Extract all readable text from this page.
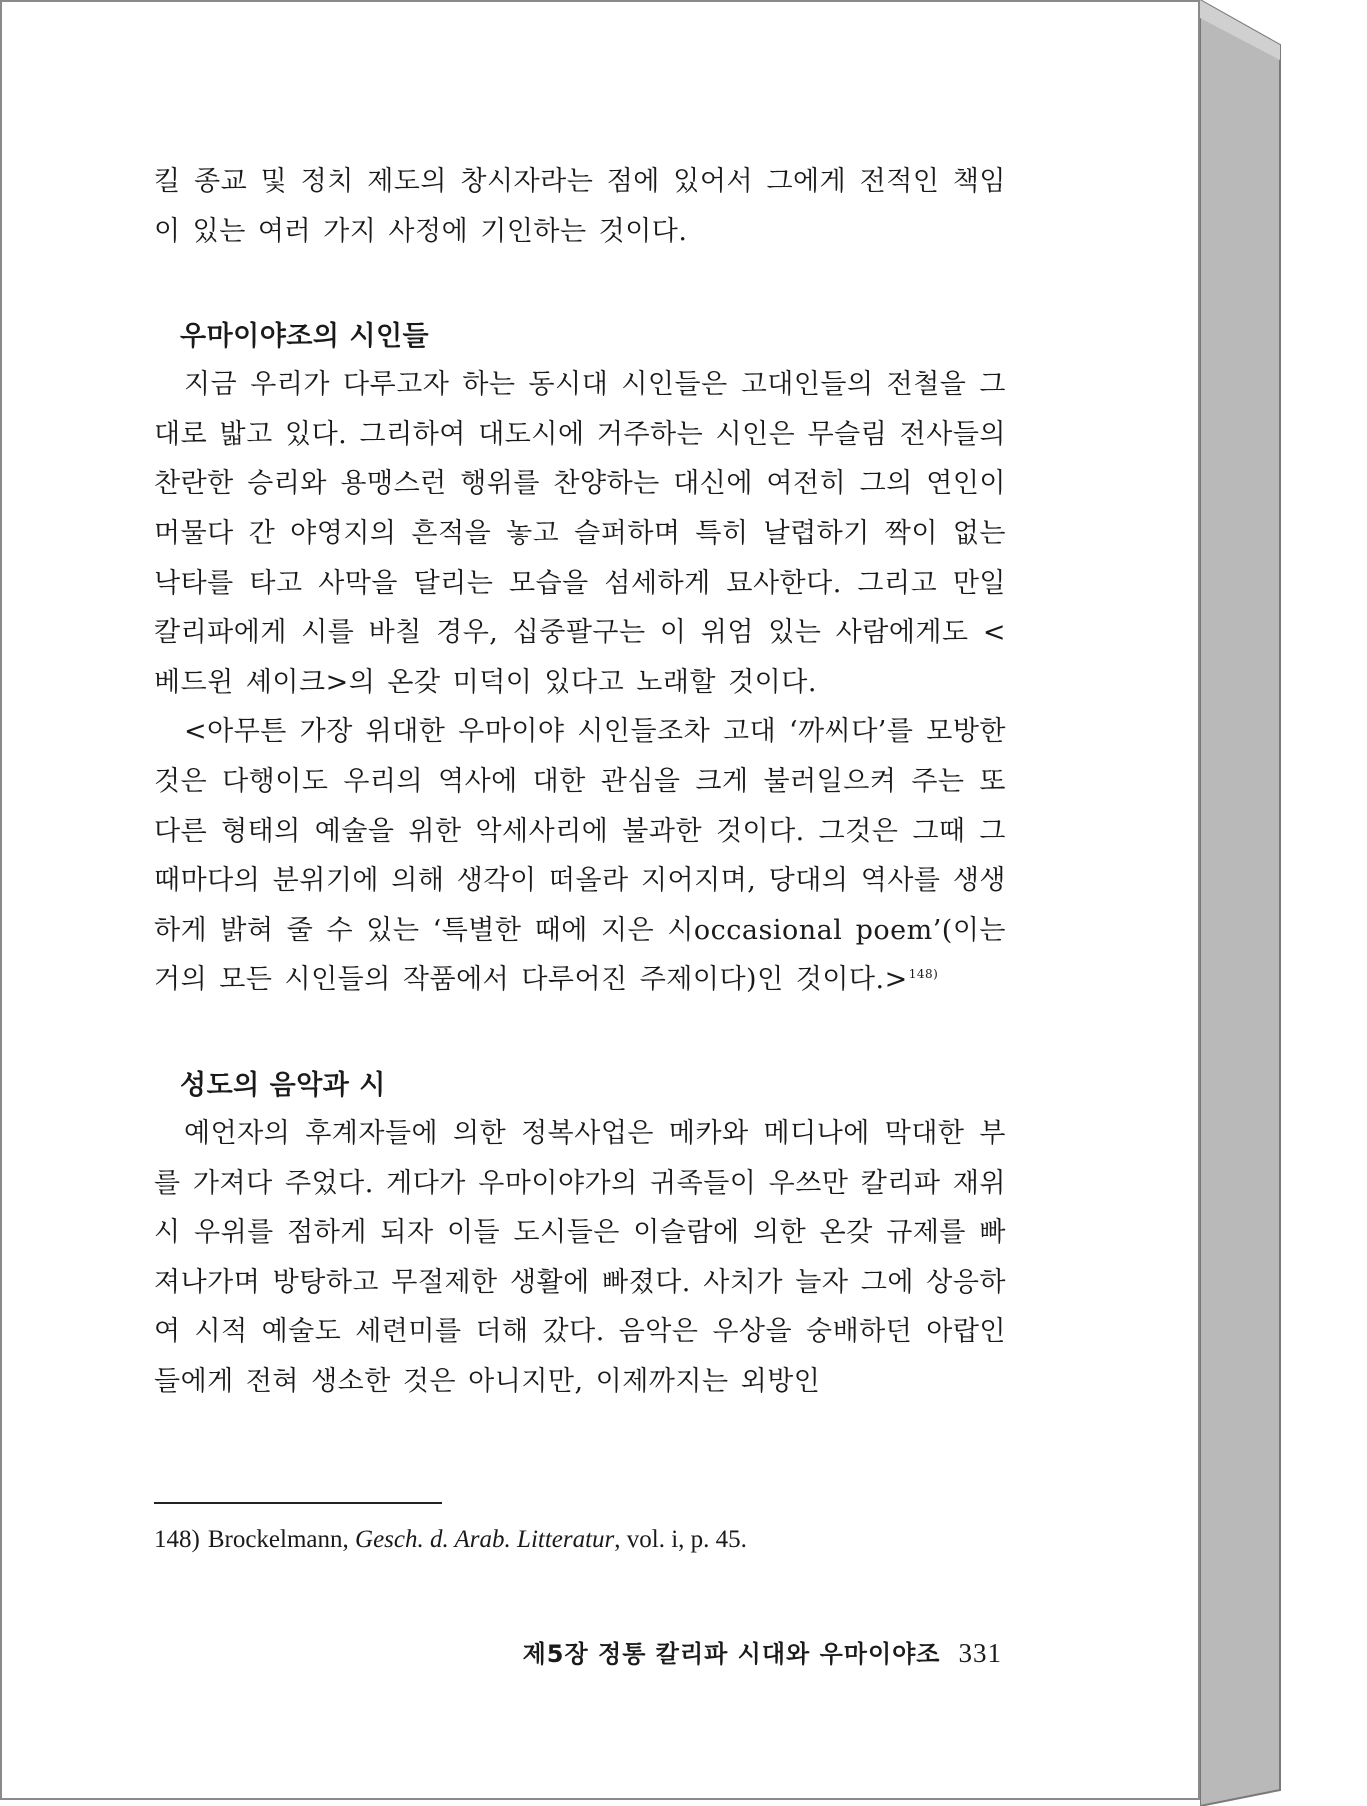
킬 종교 및 정치 제도의 창시자라는 점에 있어서 그에게 전적인 책임이 있는 여러 가지 사정에 기인하는 것이다.

우마이야조의 시인들

지금 우리가 다루고자 하는 동시대 시인들은 고대인들의 전철을 그대로 밟고 있다. 그리하여 대도시에 거주하는 시인은 무슬림 전사들의 찬란한 승리와 용맹스런 행위를 찬양하는 대신에 여전히 그의 연인이 머물다 간 야영지의 흔적을 놓고 슬퍼하며 특히 날렵하기 짝이 없는 낙타를 타고 사막을 달리는 모습을 섬세하게 묘사한다. 그리고 만일 칼리파에게 시를 바칠 경우, 십중팔구는 이 위엄 있는 사람에게도 <베드윈 셰이크>의 온갖 미덕이 있다고 노래할 것이다.

<아무튼 가장 위대한 우마이야 시인들조차 고대 ‘까씨다’를 모방한 것은 다행이도 우리의 역사에 대한 관심을 크게 불러일으켜 주는 또 다른 형태의 예술을 위한 악세사리에 불과한 것이다. 그것은 그때 그때마다의 분위기에 의해 생각이 떠올라 지어지며, 당대의 역사를 생생하게 밝혀 줄 수 있는 ‘특별한 때에 지은 시occasional poem’(이는 거의 모든 시인들의 작품에서 다루어진 주제이다)인 것이다.>$^{148)}$

성도의 음악과 시

예언자의 후계자들에 의한 정복사업은 메카와 메디나에 막대한 부를 가져다 주었다. 게다가 우마이야가의 귀족들이 우쓰만 칼리파 재위시 우위를 점하게 되자 이들 도시들은 이슬람에 의한 온갖 규제를 빠져나가며 방탕하고 무절제한 생활에 빠졌다. 사치가 늘자 그에 상응하여 시적 예술도 세련미를 더해 갔다. 음악은 우상을 숭배하던 아랍인들에게 전혀 생소한 것은 아니지만, 이제까지는 외방인

148) Brockelmann, Gesch. d. Arab. Litteratur, vol. i, p. 45.
제5장 정통 칼리파 시대와 우마이야조 331
